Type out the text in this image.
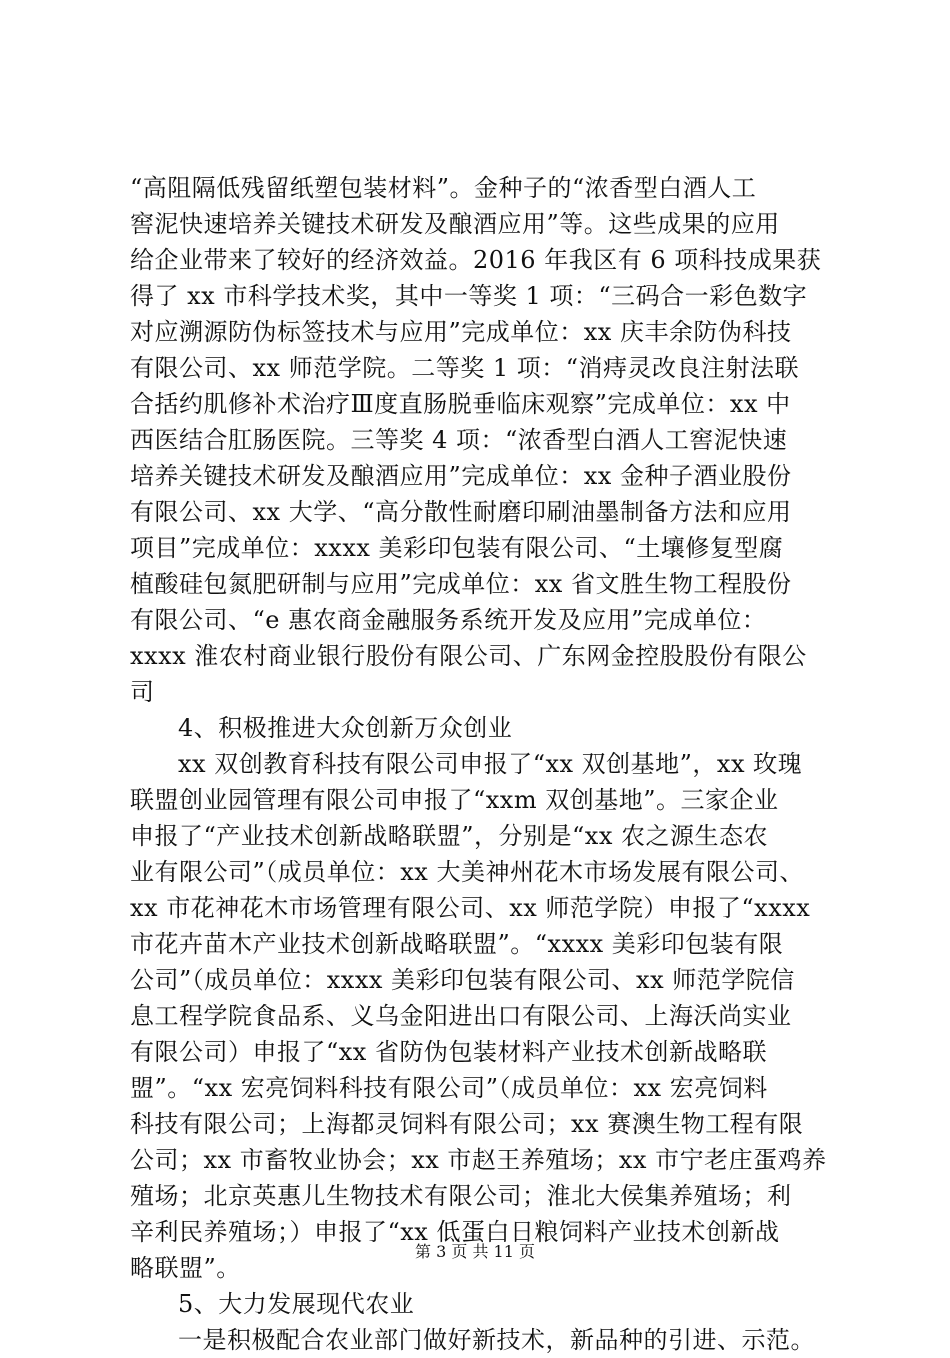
“高阻隔低残留纸塑包装材料”。金种子的“浓香型白酒人工
窖泥快速培养关键技术研发及酿酒应用”等。这些成果的应用
给企业带来了较好的经济效益。2016 年我区有 6 项科技成果获
得了 xx 市科学技术奖，其中一等奖 1 项：“三码合一彩色数字
对应溯源防伪标签技术与应用”完成单位：xx 庆丰余防伪科技
有限公司、xx 师范学院。二等奖 1 项：“消痔灵改良注射法联
合括约肌修补术治疗Ⅲ度直肠脱垂临床观察”完成单位：xx 中
西医结合肛肠医院。三等奖 4 项：“浓香型白酒人工窖泥快速
培养关键技术研发及酿酒应用”完成单位：xx 金种子酒业股份
有限公司、xx 大学、“高分散性耐磨印刷油墨制备方法和应用
项目”完成单位：xxxx 美彩印包装有限公司、“土壤修复型腐
植酸硅包氮肥研制与应用”完成单位：xx 省文胜生物工程股份
有限公司、“e 惠农商金融服务系统开发及应用”完成单位：
xxxx 淮农村商业银行股份有限公司、广东网金控股股份有限公
司
4、积极推进大众创新万众创业
xx 双创教育科技有限公司申报了“xx 双创基地”，xx 玫瑰
联盟创业园管理有限公司申报了“xxm 双创基地”。三家企业
申报了“产业技术创新战略联盟”，分别是“xx 农之源生态农
业有限公司”（成员单位：xx 大美神州花木市场发展有限公司、
xx 市花神花木市场管理有限公司、xx 师范学院）申报了“xxxx
市花卉苗木产业技术创新战略联盟”。“xxxx 美彩印包装有限
公司”（成员单位：xxxx 美彩印包装有限公司、xx 师范学院信
息工程学院食品系、义乌金阳进出口有限公司、上海沃尚实业
有限公司）申报了“xx 省防伪包装材料产业技术创新战略联
盟”。“xx 宏亮饲料科技有限公司”（成员单位：xx 宏亮饲料
科技有限公司；上海都灵饲料有限公司；xx 赛澳生物工程有限
公司；xx 市畜牧业协会；xx 市赵王养殖场；xx 市宁老庄蛋鸡养
殖场；北京英惠儿生物技术有限公司；淮北大侯集养殖场；利
辛利民养殖场；）申报了“xx 低蛋白日粮饲料产业技术创新战
略联盟”。
5、大力发展现代农业
一是积极配合农业部门做好新技术，新品种的引进、示范。
第 3 页 共 11 页
